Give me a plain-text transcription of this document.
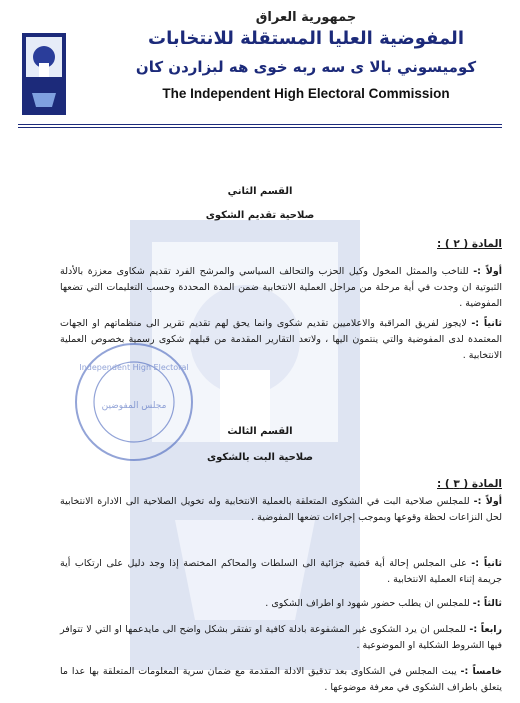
جمهورية العراق
المفوضية العليا المستقلة للانتخابات
كوميسوني بالا ى سه ربه خوى هه لبزاردن كان
The Independent High Electoral Commission
Independent High Electoral
مجلس المفوضين
القسم الثاني
صلاحية تقديم الشكوى
المادة ( ٢ ) :
أولاً :- للناخب والممثل المخول وكيل الحزب والتحالف السياسي والمرشح الفرد تقديم شكاوى معززة بالأدلة الثبوتية ان وجدت في أية مرحلة من مراحل العملية الانتخابية ضمن المدة المحددة وحسب التعليمات التي تضعها المفوضية .
ثانياً :- لايجوز لفريق المراقبة والاعلاميين تقديم شكوى وانما يحق لهم تقديم تقرير الى منظماتهم او الجهات المعتمدة لدى المفوضية والتي ينتمون اليها ، ولاتعد التقارير المقدمة من قبلهم شكوى رسمية بخصوص العملية الانتخابية .
القسم الثالث
صلاحية البت بالشكوى
المادة ( ٣ ) :
أولاً :- للمجلس صلاحية البت في الشكوى المتعلقة بالعملية الانتخابية وله تخويل الصلاحية الى الادارة الانتخابية لحل النزاعات لحظة وقوعها وبموجب إجراءات تضعها المفوضية .
ثانياً :- على المجلس إحالة أية قضية جزائية الى السلطات والمحاكم المختصة إذا وجد دليل على ارتكاب أية جريمة إثناء العملية الانتخابية .
ثالثاً :- للمجلس ان يطلب حضور شهود او اطراف الشكوى .
رابعاً :- للمجلس ان يرد الشكوى غير المشفوعة بادلة كافية او تفتقر بشكل واضح الى مايدعمها او التي لا تتوافر فيها الشروط الشكلية او الموضوعية .
خامساً :- يبت المجلس في الشكاوى بعد تدقيق الادلة المقدمة مع ضمان سرية المعلومات المتعلقة بها عدا ما يتعلق باطراف الشكوى في معرفة موضوعها .
